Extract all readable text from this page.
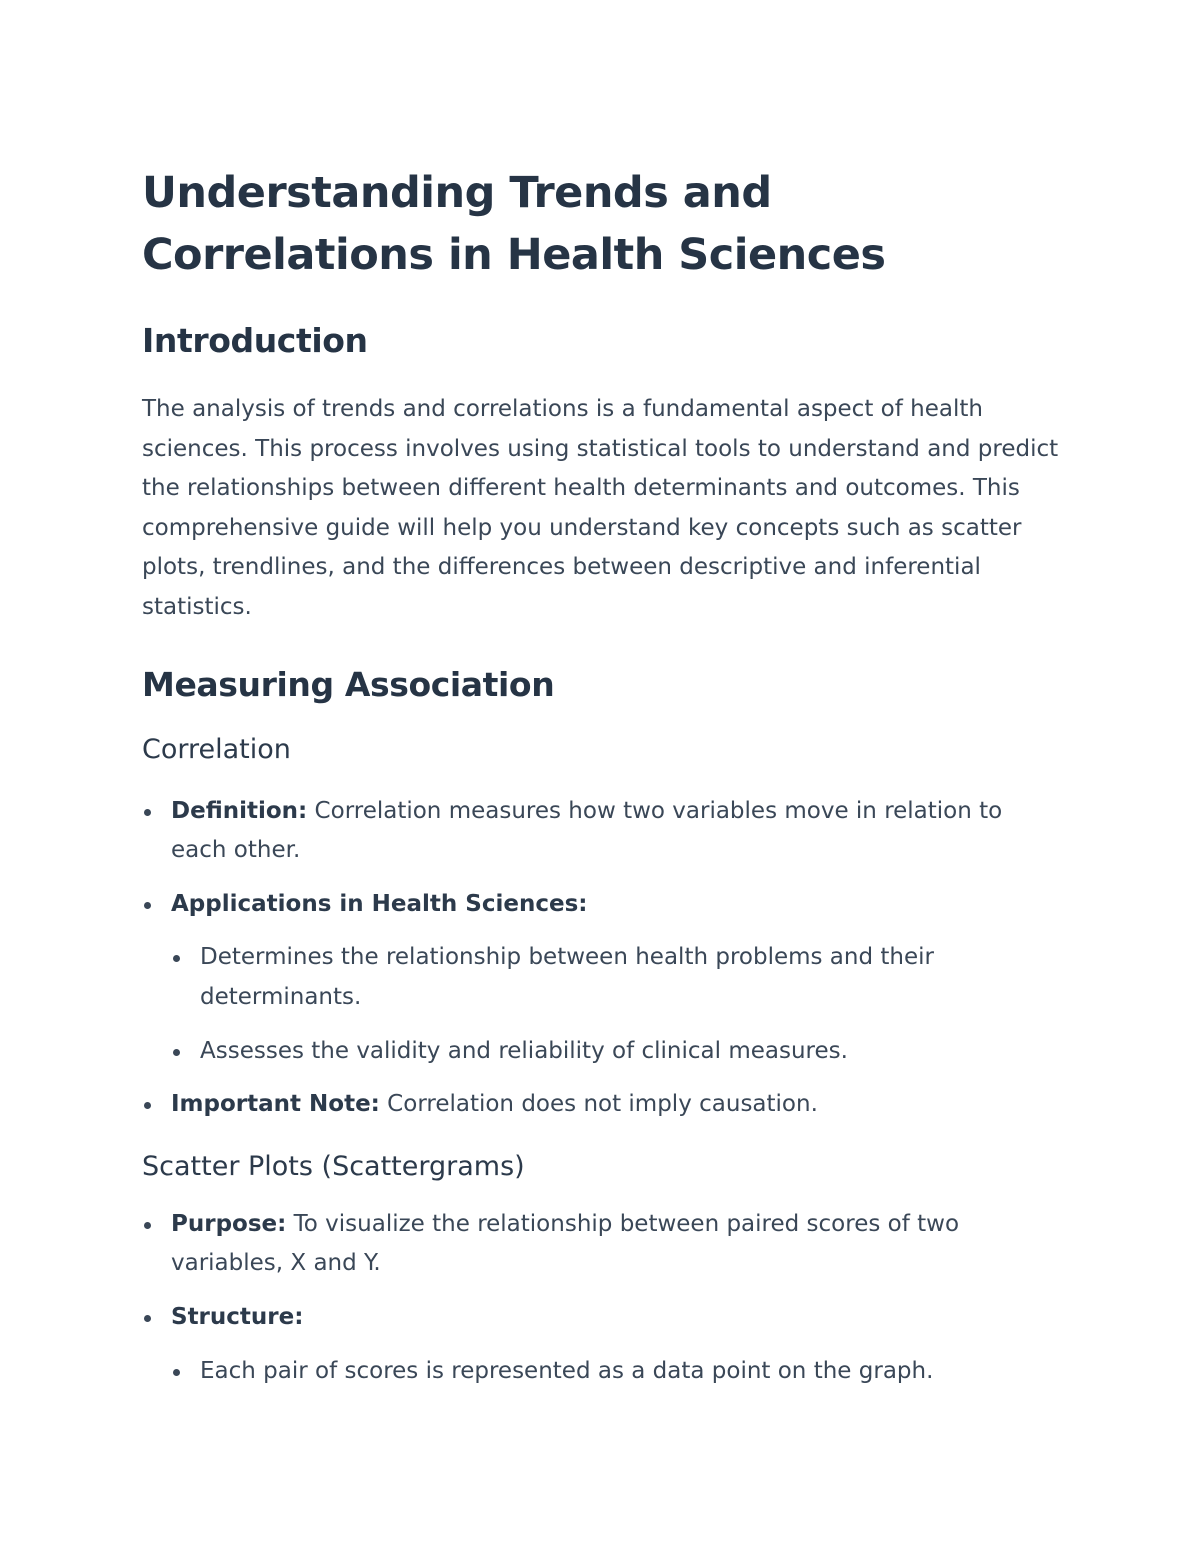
Understanding Trends and Correlations in Health Sciences
Introduction

The analysis of trends and correlations is a fundamental aspect of health sciences. This process involves using statistical tools to understand and predict the relationships between different health determinants and outcomes. This comprehensive guide will help you understand key concepts such as scatter plots, trendlines, and the differences between descriptive and inferential statistics.

Measuring Association
Correlation
Definition: Correlation measures how two variables move in relation to each other.
Applications in Health Sciences:
Determines the relationship between health problems and their determinants.
Assesses the validity and reliability of clinical measures.
Important Note: Correlation does not imply causation.
Scatter Plots (Scattergrams)
Purpose: To visualize the relationship between paired scores of two variables, X and Y.
Structure:
Each pair of scores is represented as a data point on the graph.
